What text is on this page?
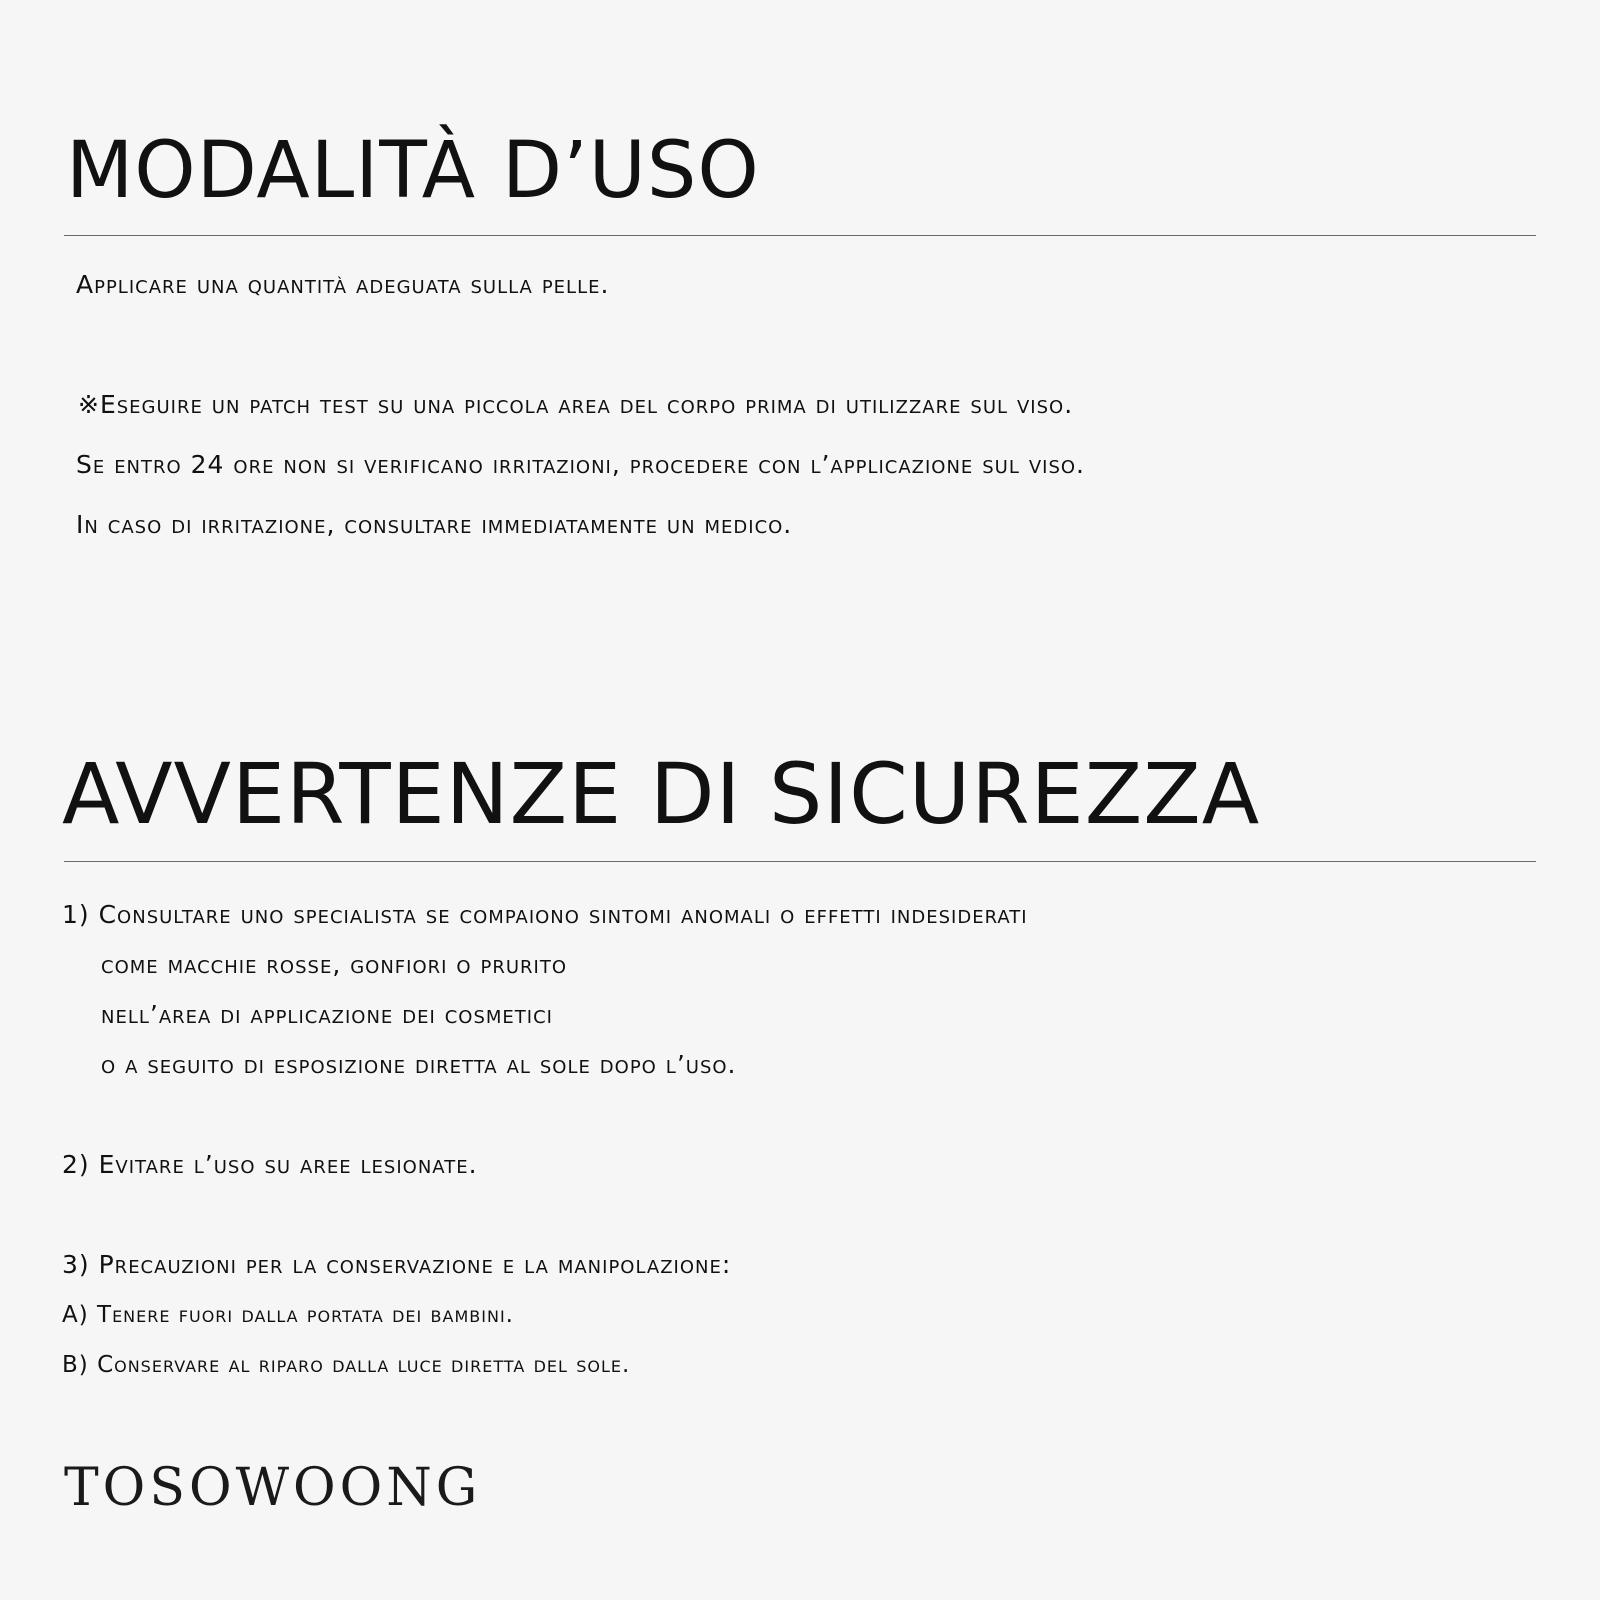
MODALITÀ D’USO

Applicare una quantità adeguata sulla pelle.

※Eseguire un patch test su una piccola area del corpo prima di utilizzare sul viso.

Se entro 24 ore non si verificano irritazioni, procedere con l’applicazione sul viso.

In caso di irritazione, consultare immediatamente un medico.

AVVERTENZE DI SICUREZZA

1) Consultare uno specialista se compaiono sintomi anomali o effetti indesiderati

come macchie rosse, gonfiori o prurito

nell’area di applicazione dei cosmetici

o a seguito di esposizione diretta al sole dopo l’uso.

2) Evitare l’uso su aree lesionate.

3) Precauzioni per la conservazione e la manipolazione:

A) Tenere fuori dalla portata dei bambini.

B) Conservare al riparo dalla luce diretta del sole.

TOSOWOONG
